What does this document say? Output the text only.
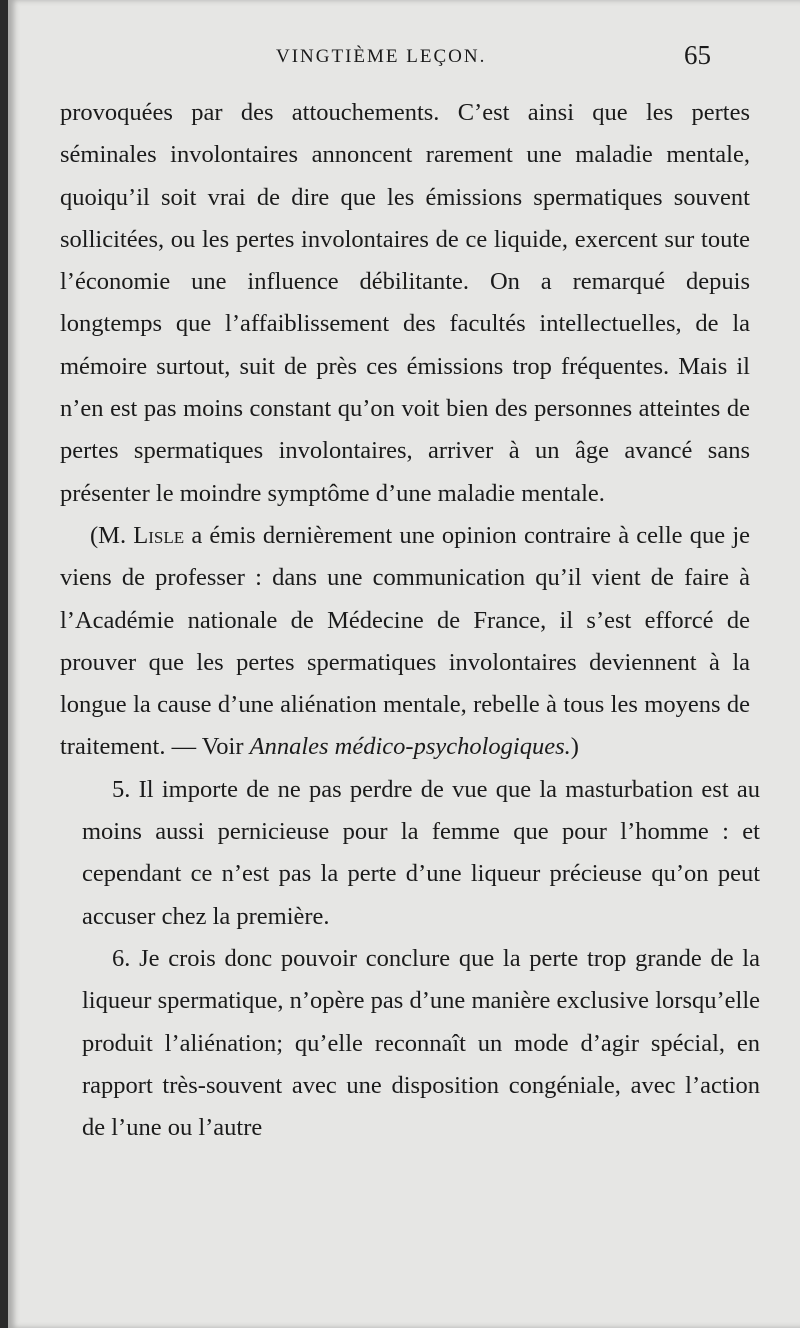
VINGTIÈME LEÇON.	65

provoquées par des attouchements. C’est ainsi que les pertes séminales involontaires annoncent rarement une maladie mentale, quoiqu’il soit vrai de dire que les émissions spermatiques souvent sollicitées, ou les pertes involontaires de ce liquide, exercent sur toute l’économie une influence débilitante. On a remarqué depuis longtemps que l’affaiblissement des facultés intellectuelles, de la mémoire surtout, suit de près ces émissions trop fréquentes. Mais il n’en est pas moins constant qu’on voit bien des personnes atteintes de pertes spermatiques involontaires, arriver à un âge avancé sans présenter le moindre symptôme d’une maladie mentale.

(M. Lisle a émis dernièrement une opinion contraire à celle que je viens de professer : dans une communication qu’il vient de faire à l’Académie nationale de Médecine de France, il s’est efforcé de prouver que les pertes spermatiques involontaires deviennent à la longue la cause d’une aliénation mentale, rebelle à tous les moyens de traitement. — Voir Annales médico-psychologiques.)

5. Il importe de ne pas perdre de vue que la masturbation est au moins aussi pernicieuse pour la femme que pour l’homme : et cependant ce n’est pas la perte d’une liqueur précieuse qu’on peut accuser chez la première.

6. Je crois donc pouvoir conclure que la perte trop grande de la liqueur spermatique, n’opère pas d’une manière exclusive lorsqu’elle produit l’aliénation; qu’elle reconnaît un mode d’agir spécial, en rapport très-souvent avec une disposition congéniale, avec l’action de l’une ou l’autre
